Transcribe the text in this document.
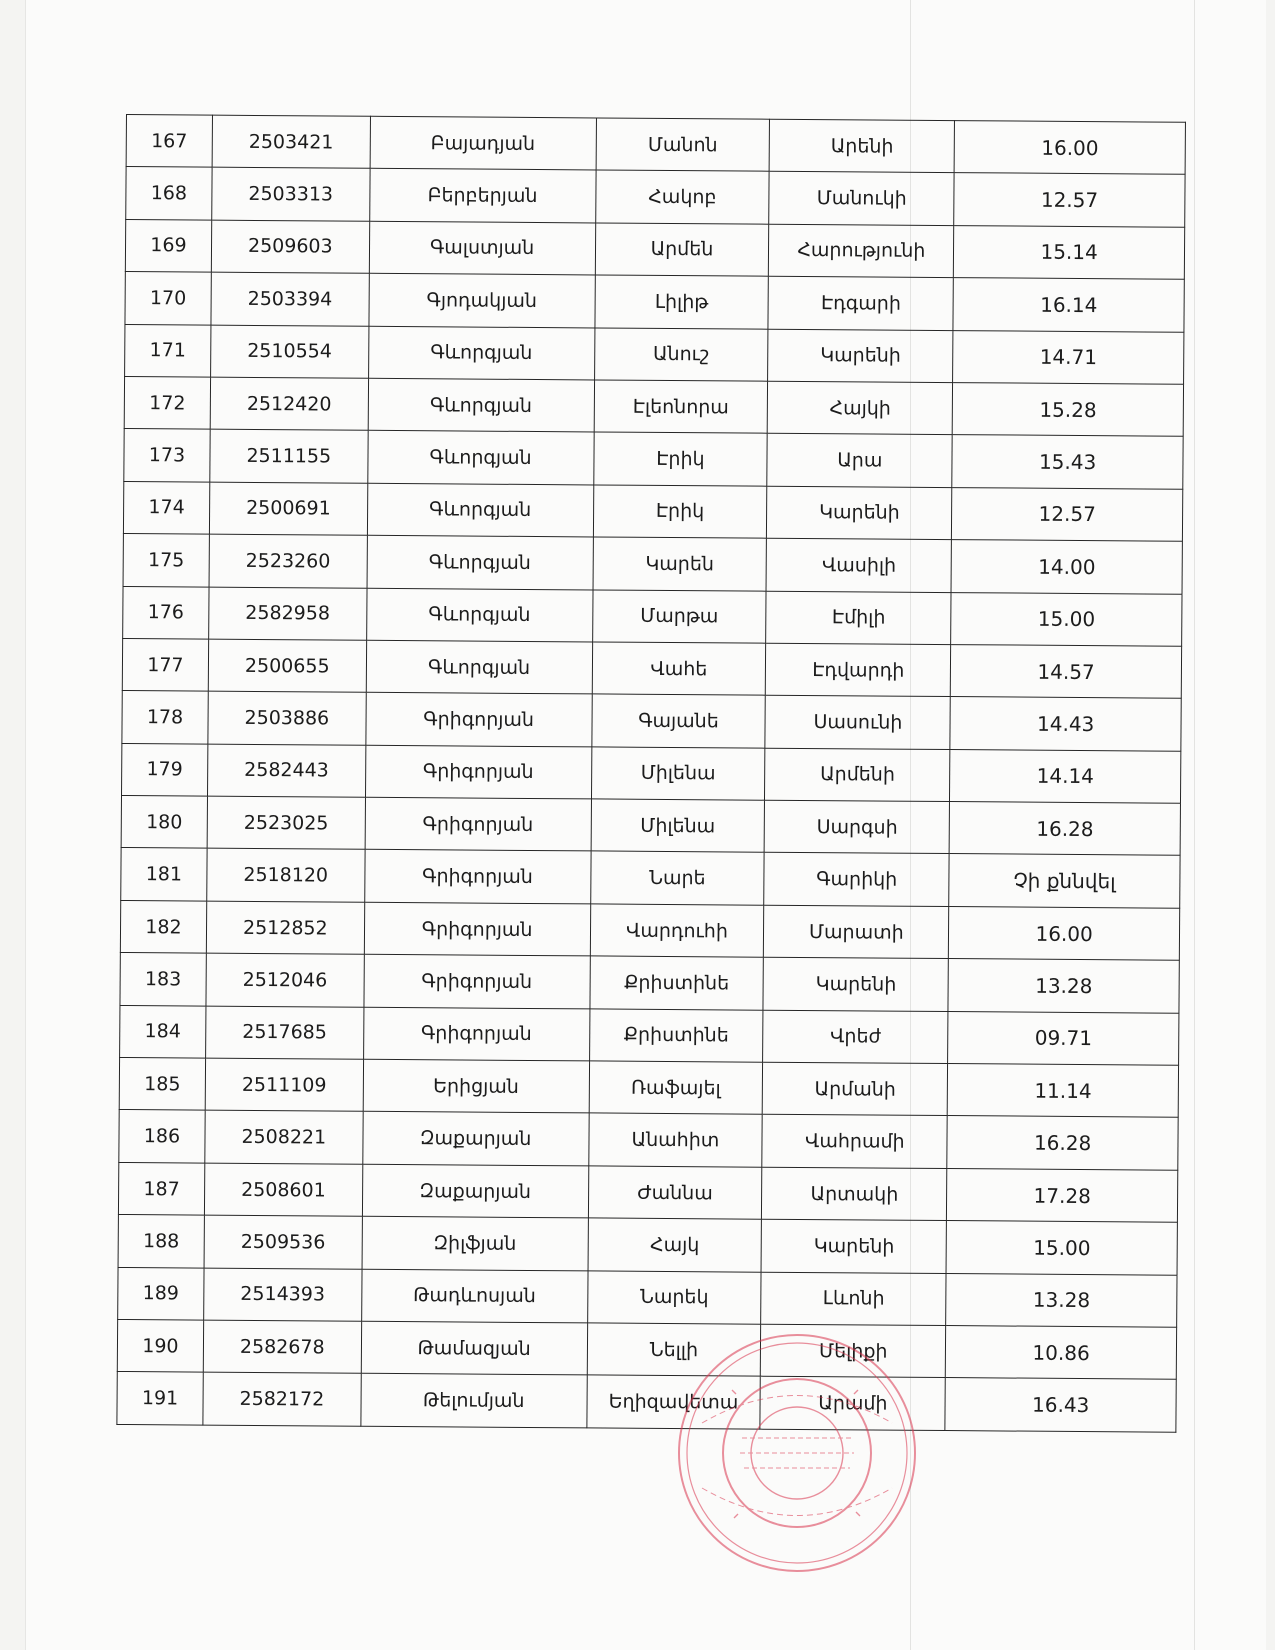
167	2503421	Բայադյան	Մանոն	Արենի	16.00
168	2503313	Բերբերյան	Հակոբ	Մանուկի	12.57
169	2509603	Գալստյան	Արմեն	Հարությունի	15.14
170	2503394	Գյոդակյան	Լիլիթ	Էդգարի	16.14
171	2510554	Գևորգյան	Անուշ	Կարենի	14.71
172	2512420	Գևորգյան	Էլեոնորա	Հայկի	15.28
173	2511155	Գևորգյան	Էրիկ	Արա	15.43
174	2500691	Գևորգյան	Էրիկ	Կարենի	12.57
175	2523260	Գևորգյան	Կարեն	Վասիլի	14.00
176	2582958	Գևորգյան	Մարթա	Էմիլի	15.00
177	2500655	Գևորգյան	Վահե	Էդվարդի	14.57
178	2503886	Գրիգորյան	Գայանե	Սասունի	14.43
179	2582443	Գրիգորյան	Միլենա	Արմենի	14.14
180	2523025	Գրիգորյան	Միլենա	Սարգսի	16.28
181	2518120	Գրիգորյան	Նարե	Գարիկի	Չի քննվել
182	2512852	Գրիգորյան	Վարդուհի	Մարատի	16.00
183	2512046	Գրիգորյան	Քրիստինե	Կարենի	13.28
184	2517685	Գրիգորյան	Քրիստինե	Վրեժ	09.71
185	2511109	Երիցյան	Ռաֆայել	Արմանի	11.14
186	2508221	Զաքարյան	Անահիտ	Վահրամի	16.28
187	2508601	Զաքարյան	Ժաննա	Արտակի	17.28
188	2509536	Զիլֆյան	Հայկ	Կարենի	15.00
189	2514393	Թադևոսյան	Նարեկ	Լևոնի	13.28
190	2582678	Թամազյան	Նելլի	Մելիքի	10.86
191	2582172	Թելումյան	Եղիզավետա	Արամի	16.43
